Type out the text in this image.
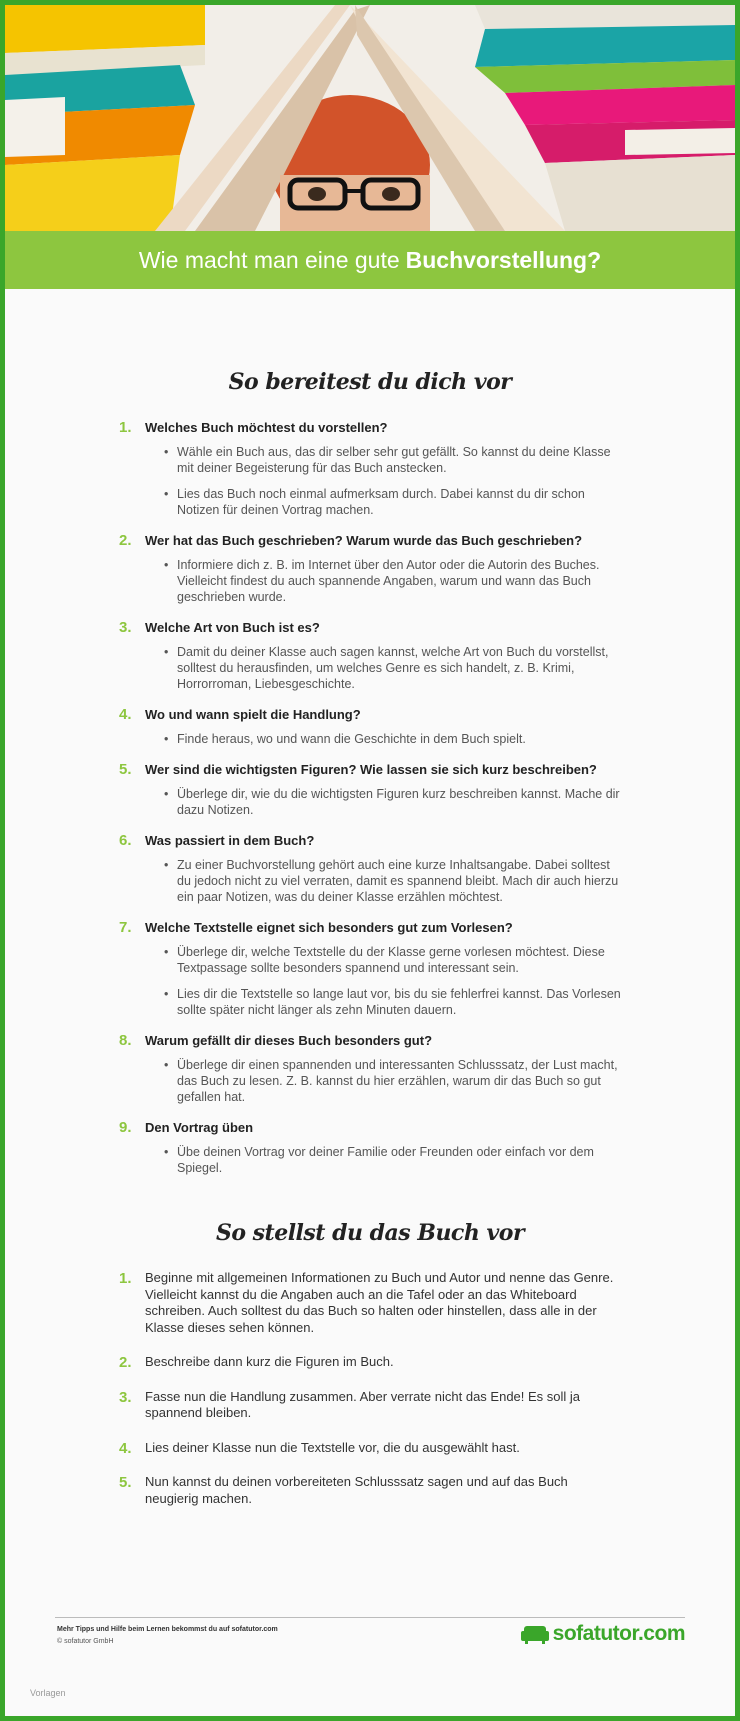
Wie macht man eine gute Buchvorstellung?
So bereitest du dich vor
1. Welches Buch möchtest du vorstellen?
• Wähle ein Buch aus, das dir selber sehr gut gefällt. So kannst du deine Klasse mit deiner Begeisterung für das Buch anstecken.
• Lies das Buch noch einmal aufmerksam durch. Dabei kannst du dir schon Notizen für deinen Vortrag machen.
2. Wer hat das Buch geschrieben? Warum wurde das Buch geschrieben?
• Informiere dich z. B. im Internet über den Autor oder die Autorin des Buches. Vielleicht findest du auch spannende Angaben, warum und wann das Buch geschrieben wurde.
3. Welche Art von Buch ist es?
• Damit du deiner Klasse auch sagen kannst, welche Art von Buch du vorstellst, solltest du herausfinden, um welches Genre es sich handelt, z. B. Krimi, Horrorroman, Liebesgeschichte.
4. Wo und wann spielt die Handlung?
• Finde heraus, wo und wann die Geschichte in dem Buch spielt.
5. Wer sind die wichtigsten Figuren? Wie lassen sie sich kurz beschreiben?
• Überlege dir, wie du die wichtigsten Figuren kurz beschreiben kannst. Mache dir dazu Notizen.
6. Was passiert in dem Buch?
• Zu einer Buchvorstellung gehört auch eine kurze Inhaltsangabe. Dabei solltest du jedoch nicht zu viel verraten, damit es spannend bleibt. Mach dir auch hierzu ein paar Notizen, was du deiner Klasse erzählen möchtest.
7. Welche Textstelle eignet sich besonders gut zum Vorlesen?
• Überlege dir, welche Textstelle du der Klasse gerne vorlesen möchtest. Diese Textpassage sollte besonders spannend und interessant sein.
• Lies dir die Textstelle so lange laut vor, bis du sie fehlerfrei kannst. Das Vorlesen sollte später nicht länger als zehn Minuten dauern.
8. Warum gefällt dir dieses Buch besonders gut?
• Überlege dir einen spannenden und interessanten Schlusssatz, der Lust macht, das Buch zu lesen. Z. B. kannst du hier erzählen, warum dir das Buch so gut gefallen hat.
9. Den Vortrag üben
• Übe deinen Vortrag vor deiner Familie oder Freunden oder einfach vor dem Spiegel.
So stellst du das Buch vor
1. Beginne mit allgemeinen Informationen zu Buch und Autor und nenne das Genre. Vielleicht kannst du die Angaben auch an die Tafel oder an das Whiteboard schreiben. Auch solltest du das Buch so halten oder hinstellen, dass alle in der Klasse dieses sehen können.
2. Beschreibe dann kurz die Figuren im Buch.
3. Fasse nun die Handlung zusammen. Aber verrate nicht das Ende! Es soll ja spannend bleiben.
4. Lies deiner Klasse nun die Textstelle vor, die du ausgewählt hast.
5. Nun kannst du deinen vorbereiteten Schlusssatz sagen und auf das Buch neugierig machen.
Mehr Tipps und Hilfe beim Lernen bekommst du auf sofatutor.com
© sofatutor GmbH	sofatutor.com
Vorlagen
